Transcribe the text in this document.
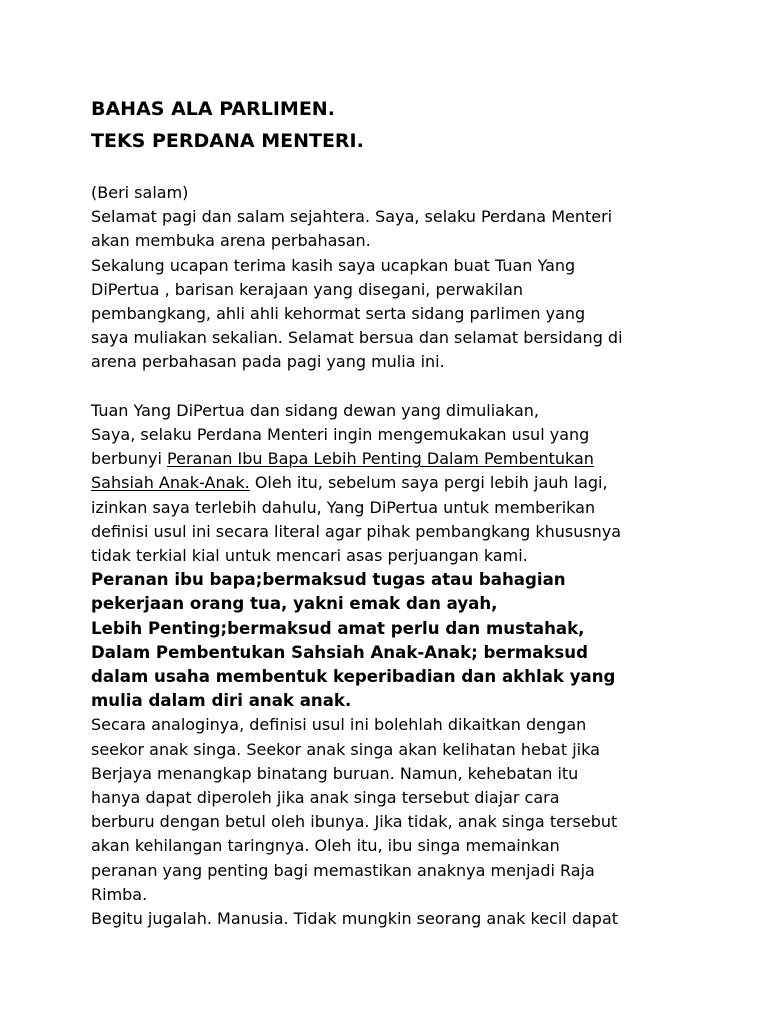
BAHAS ALA PARLIMEN.
TEKS PERDANA MENTERI.
(Beri salam)
Selamat pagi dan salam sejahtera. Saya, selaku Perdana Menteri
akan membuka arena perbahasan.
Sekalung ucapan terima kasih saya ucapkan buat Tuan Yang
DiPertua , barisan kerajaan yang disegani, perwakilan
pembangkang, ahli ahli kehormat serta sidang parlimen yang
saya muliakan sekalian. Selamat bersua dan selamat bersidang di
arena perbahasan pada pagi yang mulia ini.
Tuan Yang DiPertua dan sidang dewan yang dimuliakan,
Saya, selaku Perdana Menteri ingin mengemukakan usul yang
berbunyi Peranan Ibu Bapa Lebih Penting Dalam Pembentukan
Sahsiah Anak-Anak. Oleh itu, sebelum saya pergi lebih jauh lagi,
izinkan saya terlebih dahulu, Yang DiPertua untuk memberikan
definisi usul ini secara literal agar pihak pembangkang khususnya
tidak terkial kial untuk mencari asas perjuangan kami.
Peranan ibu bapa;bermaksud tugas atau bahagian
pekerjaan orang tua, yakni emak dan ayah,
Lebih Penting;bermaksud amat perlu dan mustahak,
Dalam Pembentukan Sahsiah Anak-Anak; bermaksud
dalam usaha membentuk keperibadian dan akhlak yang
mulia dalam diri anak anak.
Secara analoginya, definisi usul ini bolehlah dikaitkan dengan
seekor anak singa. Seekor anak singa akan kelihatan hebat jika
Berjaya menangkap binatang buruan. Namun, kehebatan itu
hanya dapat diperoleh jika anak singa tersebut diajar cara
berburu dengan betul oleh ibunya. Jika tidak, anak singa tersebut
akan kehilangan taringnya. Oleh itu, ibu singa memainkan
peranan yang penting bagi memastikan anaknya menjadi Raja
Rimba.
Begitu jugalah. Manusia. Tidak mungkin seorang anak kecil dapat
